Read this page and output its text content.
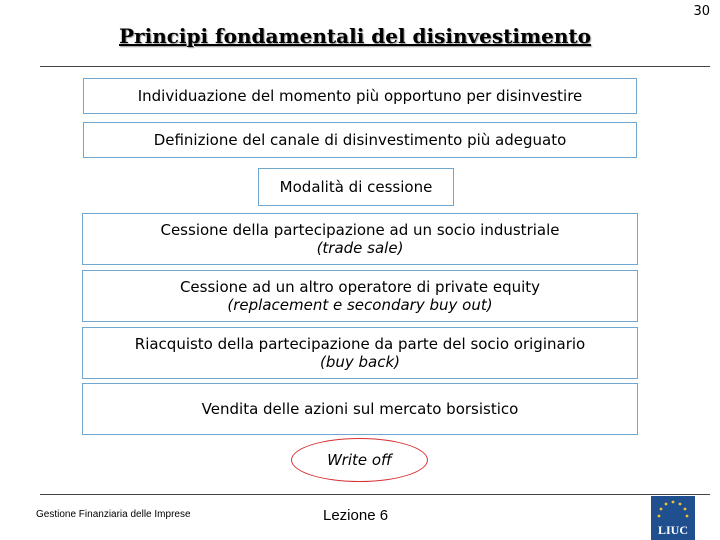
30
Principi fondamentali del disinvestimento
Individuazione del momento più opportuno per disinvestire
Definizione del canale di disinvestimento più adeguato
Modalità di cessione
Cessione della partecipazione ad un socio industriale
(trade sale)
Cessione ad un altro operatore di private equity
(replacement e secondary buy out)
Riacquisto della partecipazione da parte del socio originario
(buy back)
Vendita delle azioni sul mercato borsistico
Write off
Gestione Finanziaria delle Imprese	Lezione 6
LIUC
